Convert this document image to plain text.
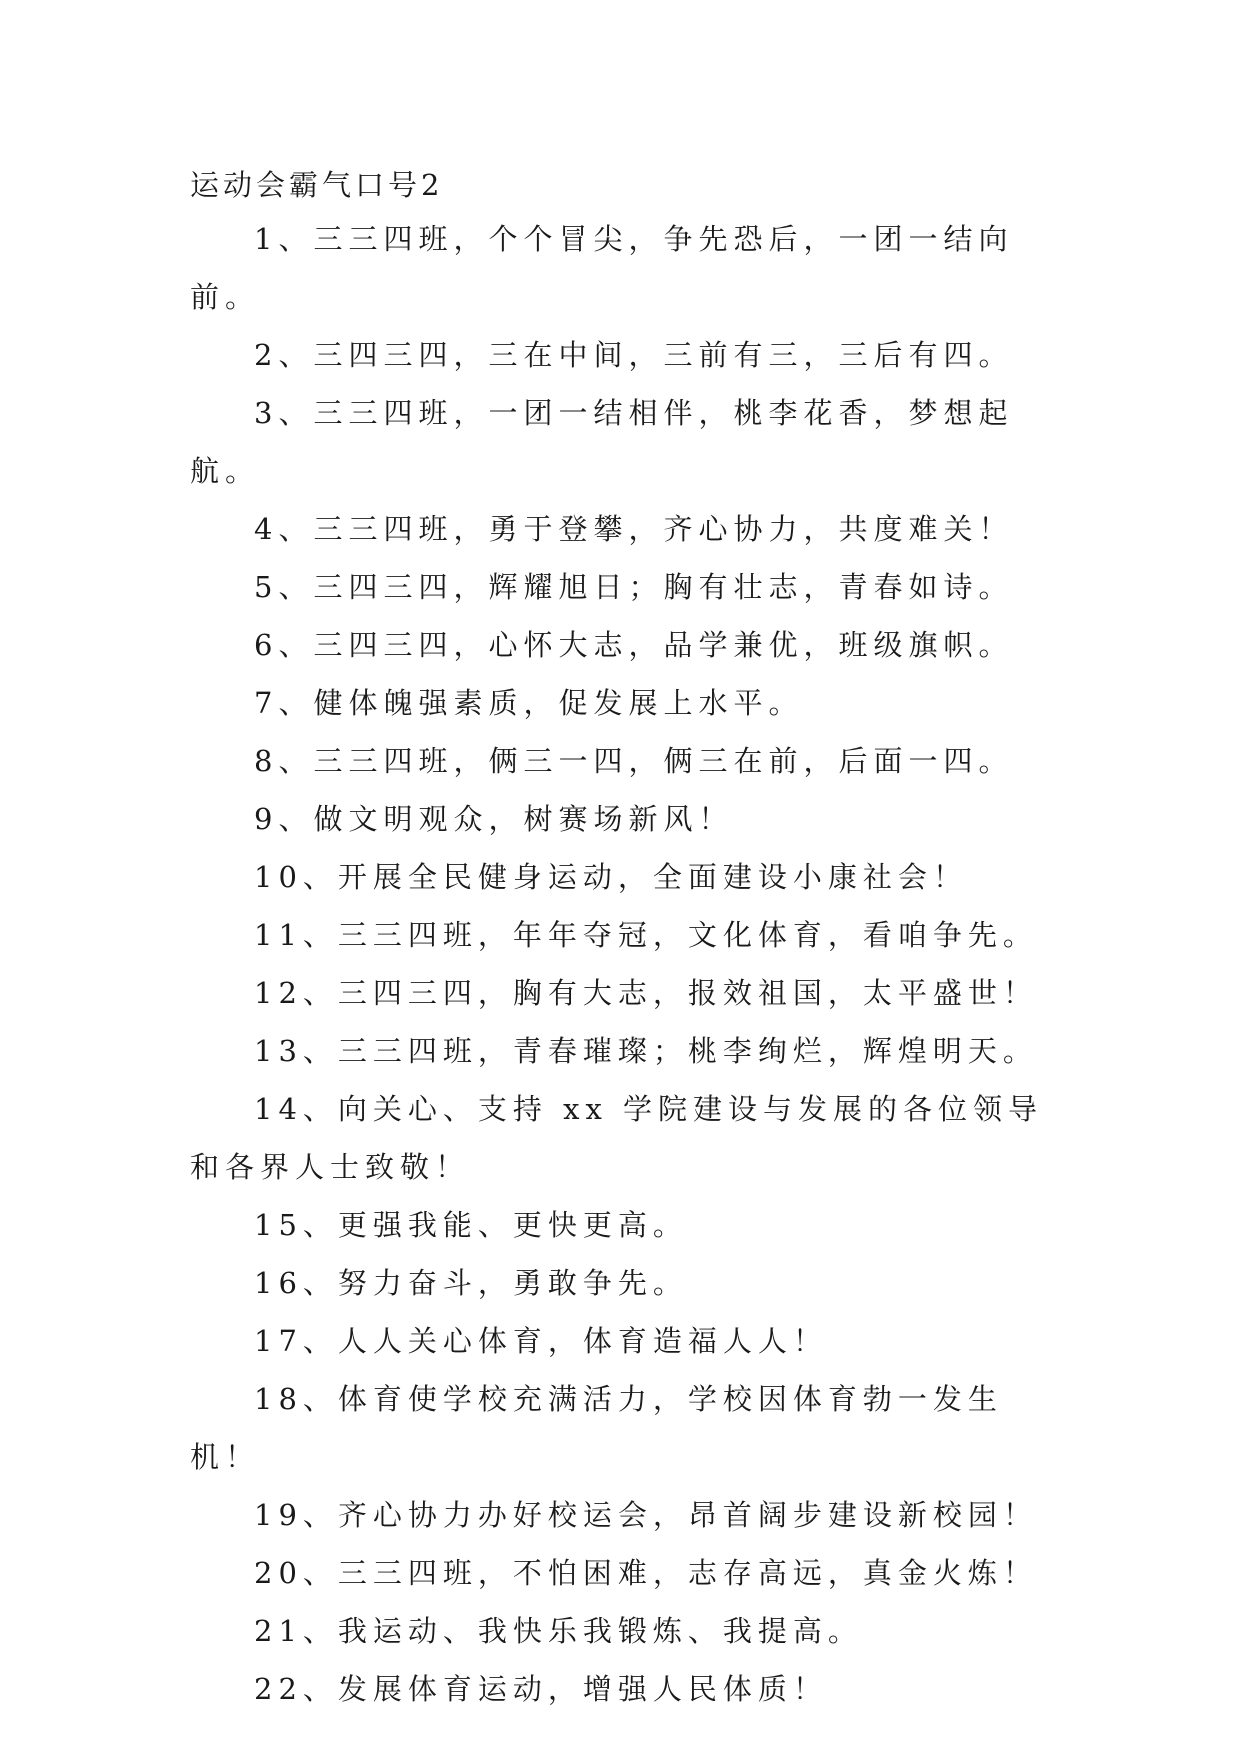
运动会霸气口号2
1、三三四班，个个冒尖，争先恐后，一团一结向前。
2、三四三四，三在中间，三前有三，三后有四。
3、三三四班，一团一结相伴，桃李花香，梦想起航。
4、三三四班，勇于登攀，齐心协力，共度难关！
5、三四三四，辉耀旭日；胸有壮志，青春如诗。
6、三四三四，心怀大志，品学兼优，班级旗帜。
7、健体魄强素质，促发展上水平。
8、三三四班，俩三一四，俩三在前，后面一四。
9、做文明观众，树赛场新风！
10、开展全民健身运动，全面建设小康社会！
11、三三四班，年年夺冠，文化体育，看咱争先。
12、三四三四，胸有大志，报效祖国，太平盛世！
13、三三四班，青春璀璨；桃李绚烂，辉煌明天。
14、向关心、支持 xx 学院建设与发展的各位领导和各界人士致敬！
15、更强我能、更快更高。
16、努力奋斗，勇敢争先。
17、人人关心体育，体育造福人人！
18、体育使学校充满活力，学校因体育勃一发生机！
19、齐心协力办好校运会，昂首阔步建设新校园！
20、三三四班，不怕困难，志存高远，真金火炼！
21、我运动、我快乐我锻炼、我提高。
22、发展体育运动，增强人民体质！
